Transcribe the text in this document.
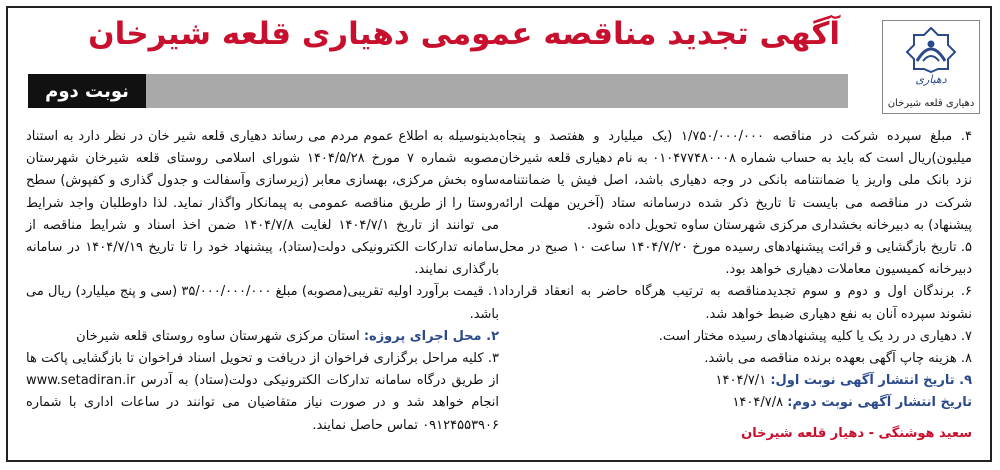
نوبت دوم
آگهی تجدید مناقصه عمومی دهیاری قلعه شیرخان
دهیاری
دهیاری قلعه شیرخان

بدینوسیله به اطلاع عموم مردم می رساند دهیاری قلعه شیر خان در نظر دارد به استناد مصوبه شماره ۷ مورخ ۱۴۰۴/۵/۲۸ شورای اسلامی روستای قلعه شیرخان شهرستان ساوه بخش مرکزی، بهسازی معابر (زیرسازی وآسفالت و جدول گذاری و کفپوش) سطح روستا را از طریق مناقصه عمومی به پیمانکار واگذار نماید. لذا داوطلبان واجد شرایط می توانند از تاریخ ۱۴۰۴/۷/۱ لغایت ۱۴۰۴/۷/۸ ضمن اخذ اسناد و شرایط مناقصه از سامانه تدارکات الکترونیکی دولت(ستاد)، پیشنهاد خود را تا تاریخ ۱۴۰۴/۷/۱۹ در سامانه بارگذاری نمایند.

۱. قیمت برآورد اولیه تقریبی(مصوبه) مبلغ ۳۵/۰۰۰/۰۰۰/۰۰۰ (سی و پنج میلیارد) ریال می باشد.

۲. محل اجرای پروژه: استان مرکزی شهرستان ساوه روستای قلعه شیرخان

۳. کلیه مراحل برگزاری فراخوان از دریافت و تحویل اسناد فراخوان تا بازگشایی پاکت ها از طریق درگاه سامانه تدارکات الکترونیکی دولت(ستاد) به آدرس www.setadiran.ir انجام خواهد شد و در صورت نیاز متقاضیان می توانند در ساعات اداری با شماره ۰۹۱۲۴۵۵۳۹۰۶ تماس حاصل نمایند.

۴. مبلغ سپرده شرکت در مناقصه ۱/۷۵۰/۰۰۰/۰۰۰ (یک میلیارد و هفتصد و پنجاه میلیون)ریال است که باید به حساب شماره ۰۱۰۴۷۷۴۸۰۰۰۸ به نام دهیاری قلعه شیرخان نزد بانک ملی واریز یا ضمانتنامه بانکی در وجه دهیاری باشد، اصل فیش یا ضمانتنامه شرکت در مناقصه می بایست تا تاریخ ذکر شده درسامانه ستاد (آخرین مهلت ارائه پیشنهاد) به دبیرخانه بخشداری مرکزی شهرستان ساوه تحویل داده شود.

۵. تاریخ بازگشایی و قرائت پیشنهادهای رسیده مورخ ۱۴۰۴/۷/۲۰ ساعت ۱۰ صبح در محل دبیرخانه کمیسیون معاملات دهیاری خواهد بود.

۶. برندگان اول و دوم و سوم تجدیدمناقصه به ترتیب هرگاه حاضر به انعقاد قرارداد نشوند سپرده آنان به نفع دهیاری ضبط خواهد شد.

۷. دهیاری در رد یک یا کلیه پیشنهادهای رسیده مختار است.

۸. هزینه چاپ آگهی بعهده برنده مناقصه می باشد.

۹. تاریخ انتشار آگهی نوبت اول: ۱۴۰۴/۷/۱

تاریخ انتشار آگهی نوبت دوم: ۱۴۰۴/۷/۸

سعید هوشنگی - دهیار قلعه شیرخان
